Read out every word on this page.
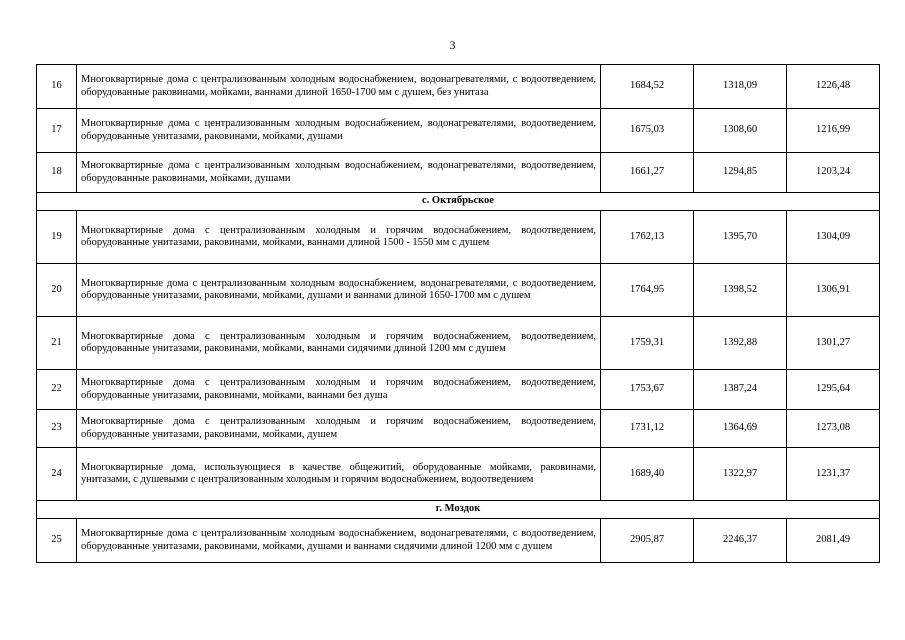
3
16	Многоквартирные дома с централизованным холодным водоснабжением, водонагревателями, с водоотведением, оборудованные раковинами, мойками, ваннами длиной 1650-1700 мм с душем, без унитаза	1684,52	1318,09	1226,48
17	Многоквартирные дома с централизованным холодным водоснабжением, водонагревателями, водоотведением, оборудованные унитазами, раковинами, мойками, душами	1675,03	1308,60	1216,99
18	Многоквартирные дома с централизованным холодным водоснабжением, водонагревателями, водоотведением, оборудованные раковинами, мойками, душами	1661,27	1294,85	1203,24
с. Октябрьское				
19	Многоквартирные дома с централизованным холодным и горячим водоснабжением, водоотведением, оборудованные унитазами, раковинами, мойками, ваннами длиной 1500 - 1550 мм с душем	1762,13	1395,70	1304,09
20	Многоквартирные дома с централизованным холодным водоснабжением, водонагревателями, с водоотведением, оборудованные унитазами, раковинами, мойками, душами и ваннами длиной 1650-1700 мм с душем	1764,95	1398,52	1306,91
21	Многоквартирные дома с централизованным холодным и горячим водоснабжением, водоотведением, оборудованные унитазами, раковинами, мойками, ваннами сидячими длиной 1200 мм с душем	1759,31	1392,88	1301,27
22	Многоквартирные дома с централизованным холодным и горячим водоснабжением, водоотведением, оборудованные унитазами, раковинами, мойками, ваннами без душа	1753,67	1387,24	1295,64
23	Многоквартирные дома с централизованным холодным и горячим водоснабжением, водоотведением, оборудованные унитазами, раковинами, мойками, душем	1731,12	1364,69	1273,08
24	Многоквартирные дома, использующиеся в качестве общежитий, оборудованные мойками, раковинами, унитазами, с душевыми с централизованным холодным и горячим водоснабжением, водоотведением	1689,40	1322,97	1231,37
г. Моздок				
25	Многоквартирные дома с централизованным холодным водоснабжением, водонагревателями, с водоотведением, оборудованные унитазами, раковинами, мойками, душами и ваннами сидячими длиной 1200 мм с душем	2905,87	2246,37	2081,49
